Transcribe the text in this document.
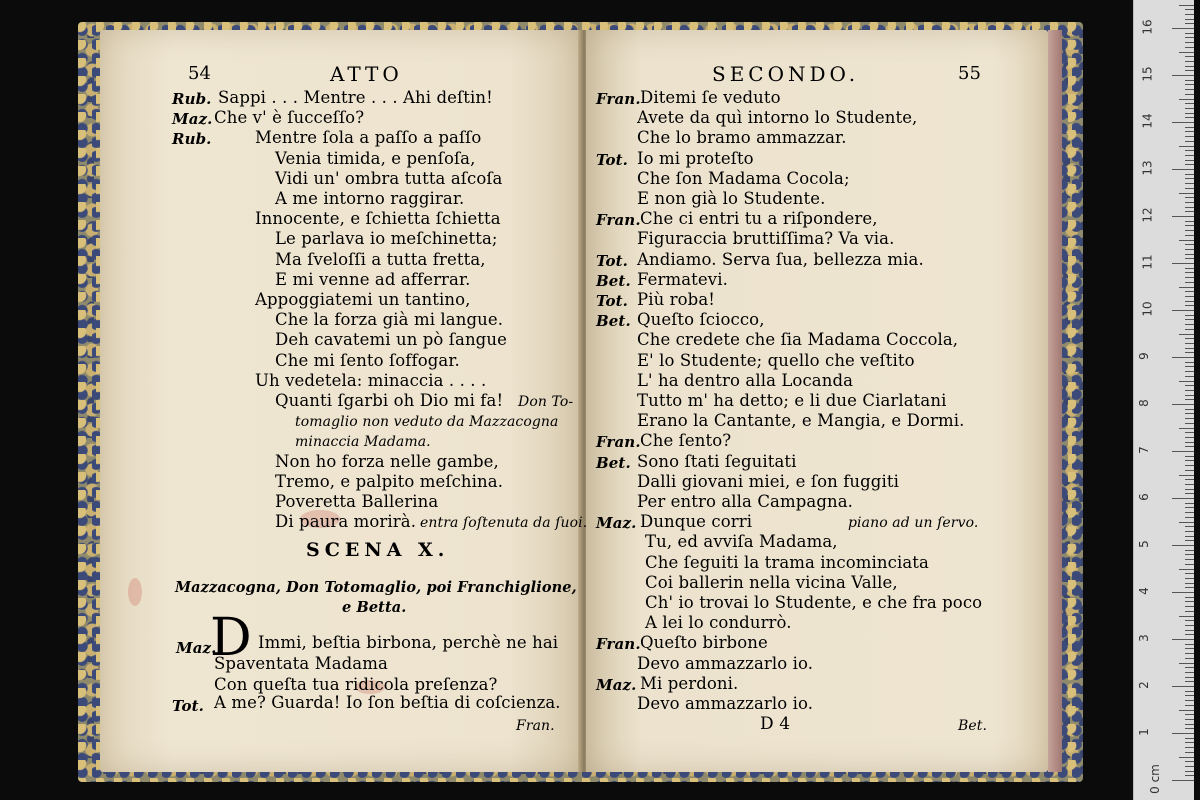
54	ATTO
Rub. Sappi . . . Mentre . . . Ahi deſtin!
Maz. Che v' è ſucceſſo?
Rub.	Mentre ſola a paſſo a paſſo
Venia timida, e penſoſa,
Vidi un' ombra tutta aſcoſa
A me intorno raggirar.
Innocente, e ſchietta ſchietta
Le parlava io meſchinetta;
Ma ſveloſſi a tutta fretta,
E mi venne ad afferrar.
Appoggiatemi un tantino,
Che la forza già mi langue.
Deh cavatemi un pò ſangue
Che mi ſento ſoffogar.
Uh vedetela: minaccia . . . .
Quanti ſgarbi oh Dio mi fa! Don To-
tomaglio non veduto da Mazzacogna
minaccia Madama.
Non ho forza nelle gambe,
Tremo, e palpito meſchina.
Poveretta Ballerina
Di paura morirà. entra ſoſtenuta da ſuoi.
SCENA X.
Mazzacogna, Don Totomaglio, poi Franchiglione,
e Betta.
Maz.
D Immi, beſtia birbona, perchè ne hai
Spaventata Madama
Con queſta tua ridicola preſenza?
Tot. A me? Guarda! Io ſon beſtia di coſcienza.
Fran.
SECONDO.	55
Fran. Ditemi ſe veduto
Avete da quì intorno lo Studente,
Che lo bramo ammazzar.
Tot. Io mi proteſto
Che ſon Madama Cocola;
E non già lo Studente.
Fran. Che ci entri tu a riſpondere,
Figuraccia bruttiſſima? Va via.
Tot. Andiamo. Serva ſua, bellezza mia.
Bet. Fermatevi.
Tot. Più roba!
Bet. Queſto ſciocco,
Che credete che ſia Madama Coccola,
E' lo Studente; quello che veſtito
L' ha dentro alla Locanda
Tutto m' ha detto; e li due Ciarlatani
Erano la Cantante, e Mangia, e Dormi.
Fran. Che ſento?
Bet. Sono ſtati ſeguitati
Dalli giovani miei, e ſon fuggiti
Per entro alla Campagna.
Maz. Dunque corri	piano ad un ſervo.
Tu, ed avviſa Madama,
Che ſeguiti la trama incominciata
Coi ballerin nella vicina Valle,
Ch' io trovai lo Studente, e che fra poco
A lei lo condurrò.
Fran. Queſto birbone
Devo ammazzarlo io.
Maz. Mi perdoni.
Devo ammazzarlo io.
D 4	Bet.
0 cm
1
2
3
4
5
6
7
8
9
10
11
12
13
14
15
16
